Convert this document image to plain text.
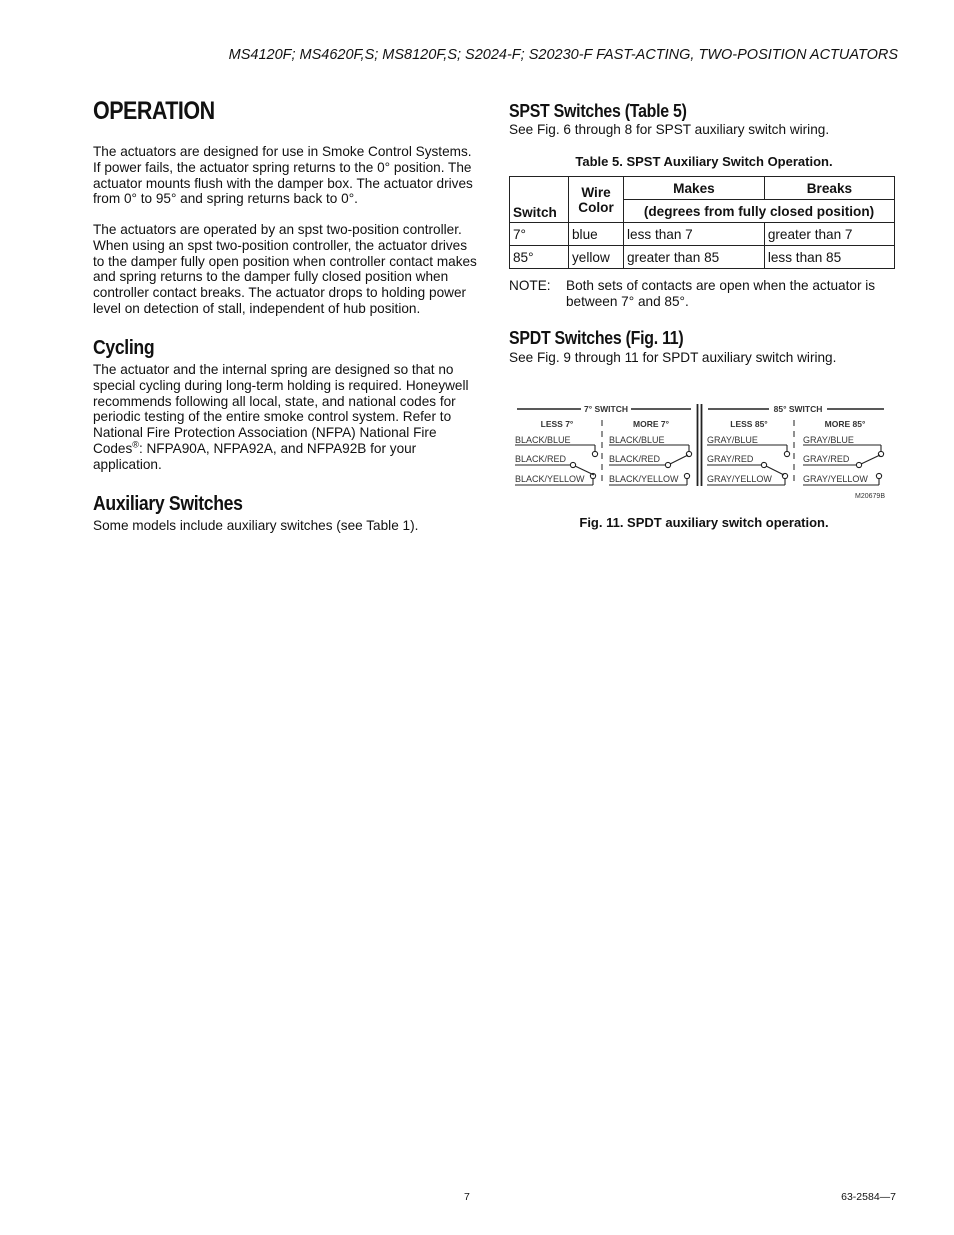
MS4120F; MS4620F,S; MS8120F,S; S2024-F; S20230-F FAST-ACTING, TWO-POSITION ACTUATORS
OPERATION

The actuators are designed for use in Smoke Control Systems. If power fails, the actuator spring returns to the 0° position. The actuator mounts flush with the damper box. The actuator drives from 0° to 95° and spring returns back to 0°.

The actuators are operated by an spst two-position controller. When using an spst two-position controller, the actuator drives to the damper fully open position when controller contact makes and spring returns to the damper fully closed position when controller contact breaks. The actuator drops to holding power level on detection of stall, independent of hub position.

Cycling

The actuator and the internal spring are designed so that no special cycling during long-term holding is required. Honeywell recommends following all local, state, and national codes for periodic testing of the entire smoke control system. Refer to National Fire Protection Association (NFPA) National Fire Codes®: NFPA90A, NFPA92A, and NFPA92B for your application.

Auxiliary Switches

Some models include auxiliary switches (see Table 1).

SPST Switches (Table 5)

See Fig. 6 through 8 for SPST auxiliary switch wiring.

Table 5. SPST Auxiliary Switch Operation.
Switch	Wire Color	Makes	Breaks
		(degrees from fully closed position)	
7°	blue	less than 7	greater than 7
85°	yellow	greater than 85	less than 85
NOTE:	Both sets of contacts are open when the actuator is between 7° and 85°.
SPDT Switches (Fig. 11)

See Fig. 9 through 11 for SPDT auxiliary switch wiring.

7° SWITCH	85° SWITCH
LESS 7°	MORE 7°	LESS 85°	MORE 85°
BLACK/BLUE
BLACK/RED
BLACK/YELLOW
BLACK/BLUE
BLACK/RED
BLACK/YELLOW
GRAY/BLUE
GRAY/RED
GRAY/YELLOW
GRAY/BLUE
GRAY/RED
GRAY/YELLOW
M20679B
Fig. 11. SPDT auxiliary switch operation.
7	63-2584—7
